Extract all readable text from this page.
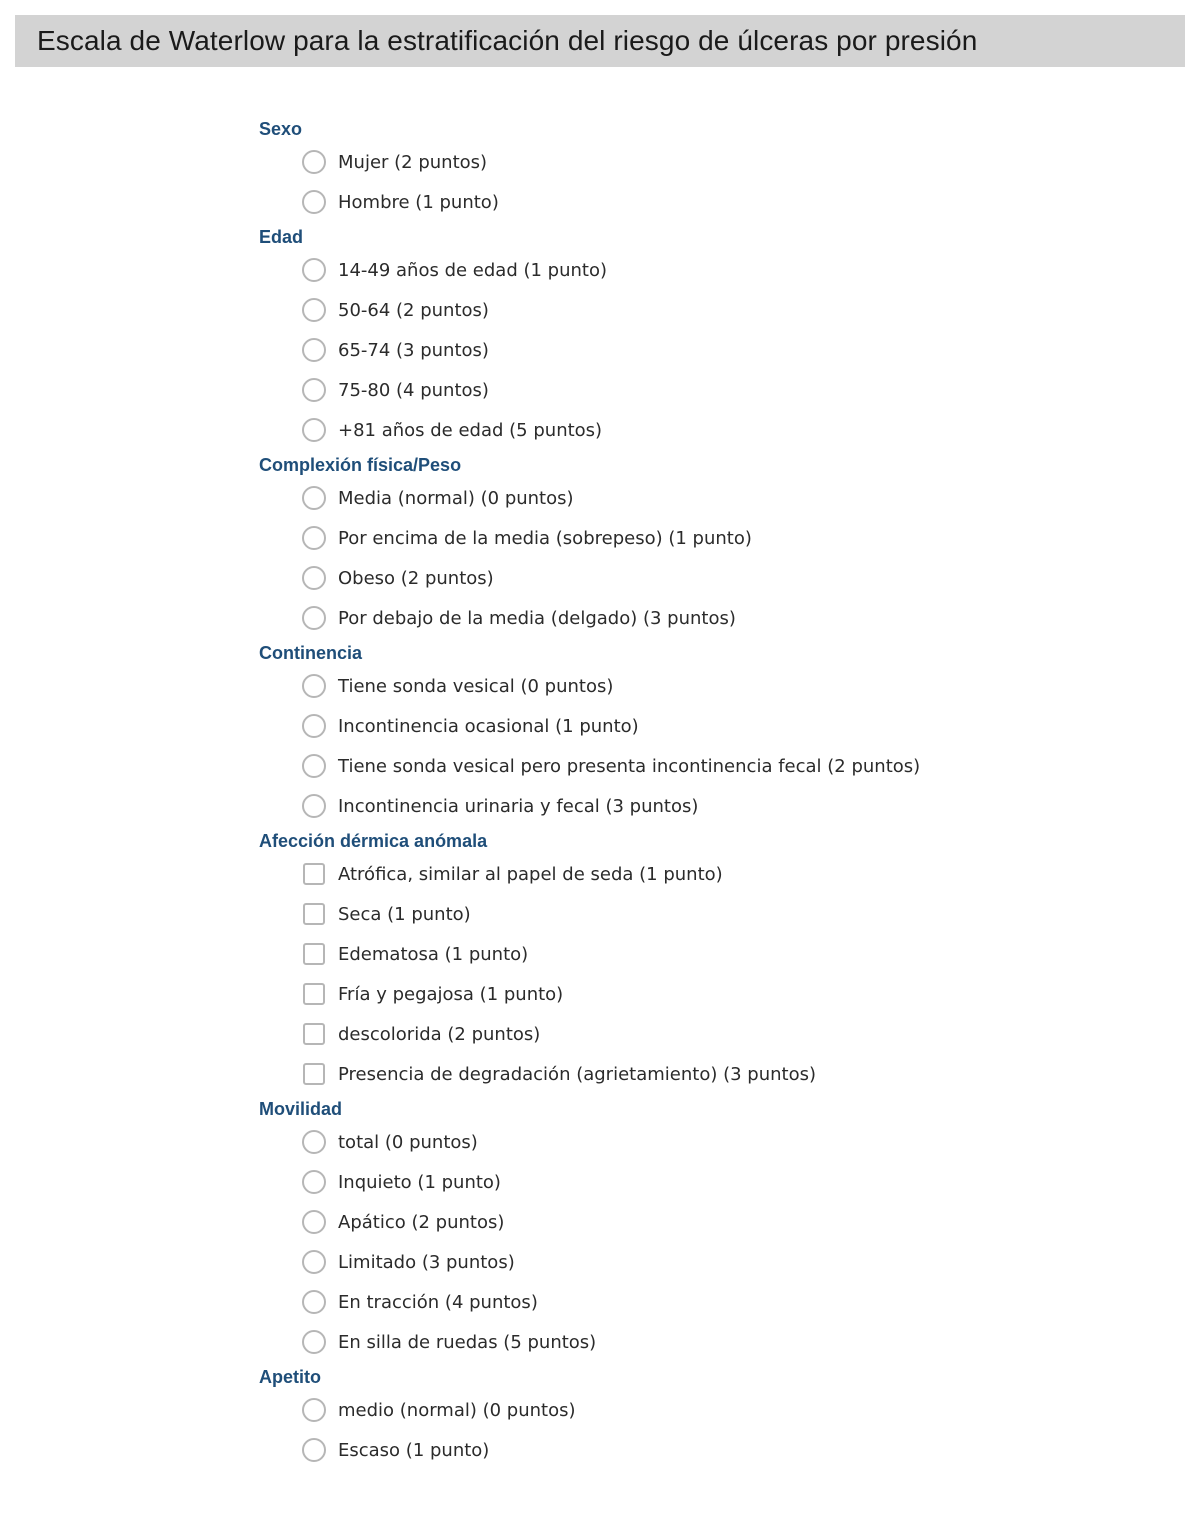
Escala de Waterlow para la estratificación del riesgo de úlceras por presión
Sexo
Mujer (2 puntos)
Hombre (1 punto)
Edad
14-49 años de edad (1 punto)
50-64 (2 puntos)
65-74 (3 puntos)
75-80 (4 puntos)
+81 años de edad (5 puntos)
Complexión física/Peso
Media (normal) (0 puntos)
Por encima de la media (sobrepeso) (1 punto)
Obeso (2 puntos)
Por debajo de la media (delgado) (3 puntos)
Continencia
Tiene sonda vesical (0 puntos)
Incontinencia ocasional (1 punto)
Tiene sonda vesical pero presenta incontinencia fecal (2 puntos)
Incontinencia urinaria y fecal (3 puntos)
Afección dérmica anómala
Atrófica, similar al papel de seda (1 punto)
Seca (1 punto)
Edematosa (1 punto)
Fría y pegajosa (1 punto)
descolorida (2 puntos)
Presencia de degradación (agrietamiento) (3 puntos)
Movilidad
total (0 puntos)
Inquieto (1 punto)
Apático (2 puntos)
Limitado (3 puntos)
En tracción (4 puntos)
En silla de ruedas (5 puntos)
Apetito
medio (normal) (0 puntos)
Escaso (1 punto)
